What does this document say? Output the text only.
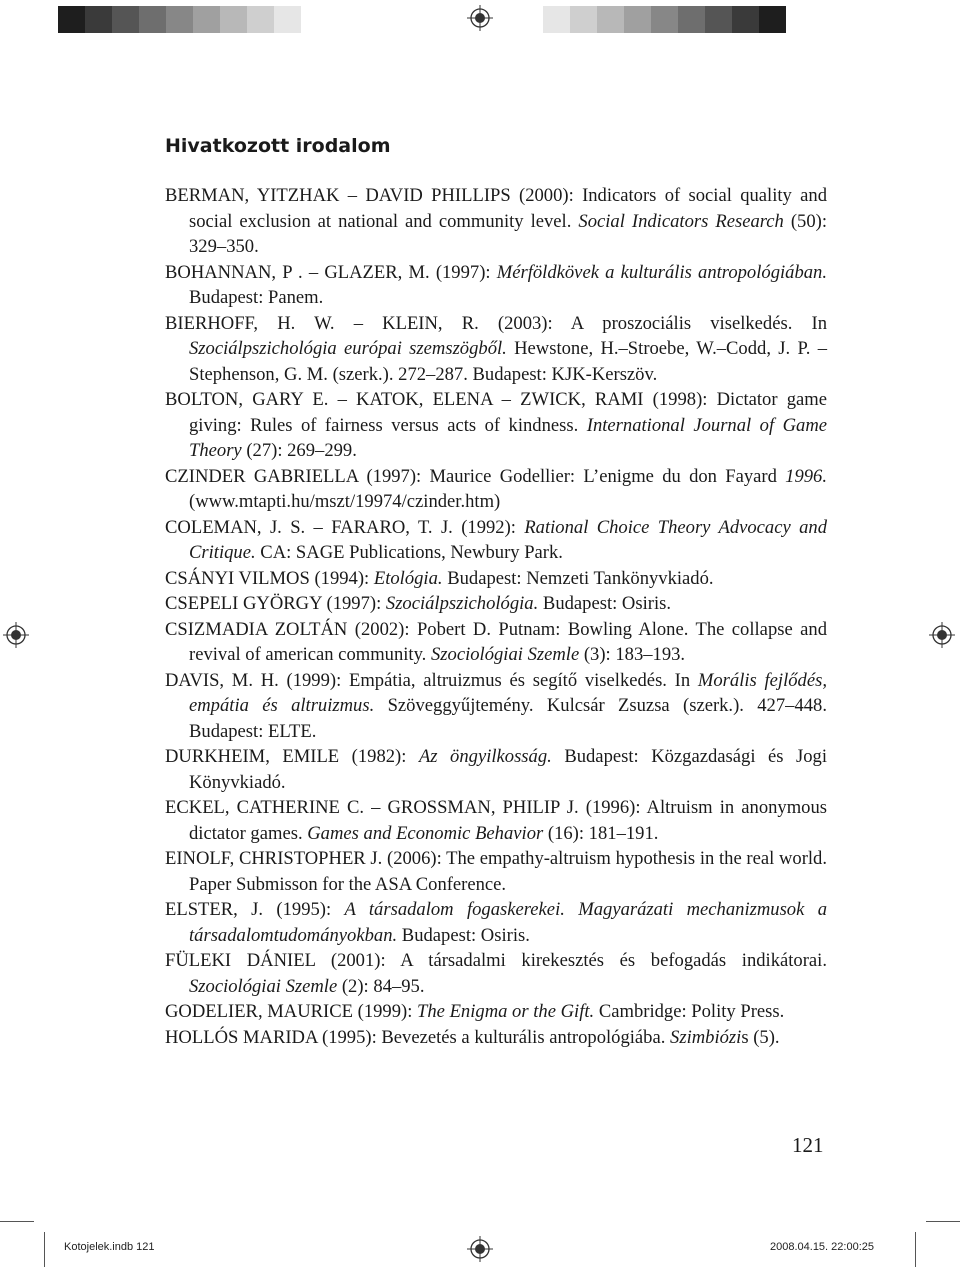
Hivatkozott irodalom
BERMAN, YITZHAK – DAVID PHILLIPS (2000): Indicators of social quality and social exclusion at national and community level. Social Indicators Research (50): 329–350.
BOHANNAN, P . – GLAZER, M. (1997): Mérföldkövek a kulturális antropológiában. Budapest: Panem.
BIERHOFF, H. W. – KLEIN, R. (2003): A proszociális viselkedés. In Szociálpszichológia európai szemszögből. Hewstone, H.–Stroebe, W.–Codd, J. P. –Stephenson, G. M. (szerk.). 272–287. Budapest: KJK-Kerszöv.
BOLTON, GARY E. – KATOK, ELENA – ZWICK, RAMI (1998): Dictator game giving: Rules of fairness versus acts of kindness. International Journal of Game Theory (27): 269–299.
CZINDER GABRIELLA (1997): Maurice Godellier: L’enigme du don Fayard 1996. (www.mtapti.hu/mszt/19974/czinder.htm)
COLEMAN, J. S. – FARARO, T. J. (1992): Rational Choice Theory Advocacy and Critique. CA: SAGE Publications, Newbury Park.
CSÁNYI VILMOS (1994): Etológia. Budapest: Nemzeti Tankönyvkiadó.
CSEPELI GYÖRGY (1997): Szociálpszichológia. Budapest: Osiris.
CSIZMADIA ZOLTÁN (2002): Pobert D. Putnam: Bowling Alone. The collapse and revival of american community. Szociológiai Szemle (3): 183–193.
DAVIS, M. H. (1999): Empátia, altruizmus és segítő viselkedés. In Morális fejlődés, empátia és altruizmus. Szöveggyűjtemény. Kulcsár Zsuzsa (szerk.). 427–448. Budapest: ELTE.
DURKHEIM, EMILE (1982): Az öngyilkosság. Budapest: Közgazdasági és Jogi Könyvkiadó.
ECKEL, CATHERINE C. – GROSSMAN, PHILIP J. (1996): Altruism in anonymous dictator games. Games and Economic Behavior (16): 181–191.
EINOLF, CHRISTOPHER J. (2006): The empathy-altruism hypothesis in the real world. Paper Submisson for the ASA Conference.
ELSTER, J. (1995): A társadalom fogaskerekei. Magyarázati mechanizmusok a társadalomtudományokban. Budapest: Osiris.
FÜLEKI DÁNIEL (2001): A társadalmi kirekesztés és befogadás indikátorai. Szociológiai Szemle (2): 84–95.
GODELIER, MAURICE (1999): The Enigma or the Gift. Cambridge: Polity Press.
HOLLÓS MARIDA (1995): Bevezetés a kulturális antropológiába. Szimbiózis (5).
121
Kotojelek.indb 121	2008.04.15. 22:00:25
